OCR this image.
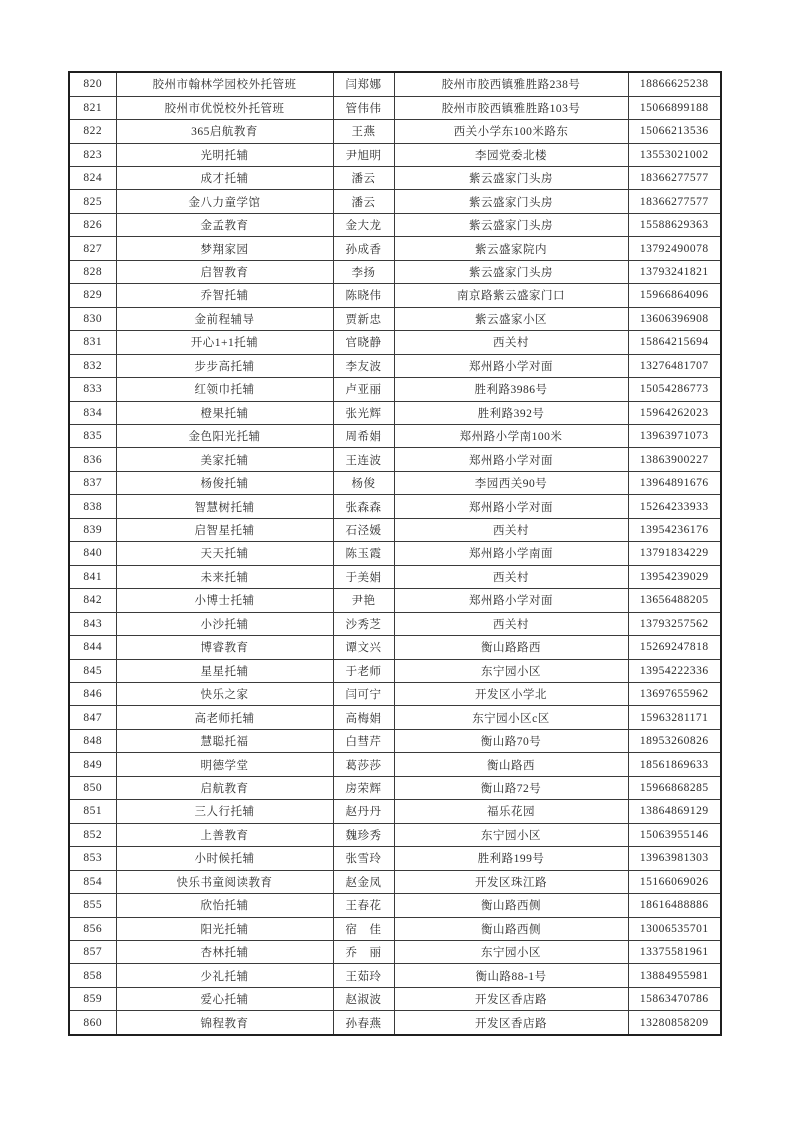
820	胶州市翰林学园校外托管班	闫郑娜	胶州市胶西镇雅胜路238号	18866625238
821	胶州市优悦校外托管班	管伟伟	胶州市胶西镇雅胜路103号	15066899188
822	365启航教育	王燕	西关小学东100米路东	15066213536
823	光明托辅	尹旭明	李园党委北楼	13553021002
824	成才托辅	潘云	紫云盛家门头房	18366277577
825	金八力童学馆	潘云	紫云盛家门头房	18366277577
826	金孟教育	金大龙	紫云盛家门头房	15588629363
827	梦翔家园	孙成香	紫云盛家院内	13792490078
828	启智教育	李扬	紫云盛家门头房	13793241821
829	乔智托辅	陈晓伟	南京路紫云盛家门口	15966864096
830	金前程辅导	贾新忠	紫云盛家小区	13606396908
831	开心1+1托辅	官晓静	西关村	15864215694
832	步步高托辅	李友波	郑州路小学对面	13276481707
833	红领巾托辅	卢亚丽	胜利路3986号	15054286773
834	橙果托辅	张光辉	胜利路392号	15964262023
835	金色阳光托辅	周希娟	郑州路小学南100米	13963971073
836	美家托辅	王连波	郑州路小学对面	13863900227
837	杨俊托辅	杨俊	李园西关90号	13964891676
838	智慧树托辅	张森森	郑州路小学对面	15264233933
839	启智星托辅	石泾媛	西关村	13954236176
840	天天托辅	陈玉霞	郑州路小学南面	13791834229
841	未来托辅	于美娟	西关村	13954239029
842	小博士托辅	尹艳	郑州路小学对面	13656488205
843	小沙托辅	沙秀芝	西关村	13793257562
844	博睿教育	谭文兴	衡山路路西	15269247818
845	星星托辅	于老师	东宁园小区	13954222336
846	快乐之家	闫可宁	开发区小学北	13697655962
847	高老师托辅	高梅娟	东宁园小区c区	15963281171
848	慧聪托福	白彗芹	衡山路70号	18953260826
849	明德学堂	葛莎莎	衡山路西	18561869633
850	启航教育	房荣辉	衡山路72号	15966868285
851	三人行托辅	赵丹丹	福乐花园	13864869129
852	上善教育	魏珍秀	东宁园小区	15063955146
853	小时候托辅	张雪玲	胜利路199号	13963981303
854	快乐书童阅读教育	赵金凤	开发区珠江路	15166069026
855	欣怡托辅	王春花	衡山路西侧	18616488886
856	阳光托辅	宿　佳	衡山路西侧	13006535701
857	杏林托辅	乔　丽	东宁园小区	13375581961
858	少礼托辅	王茹玲	衡山路88-1号	13884955981
859	爱心托辅	赵淑波	开发区香店路	15863470786
860	锦程教育	孙春燕	开发区香店路	13280858209
